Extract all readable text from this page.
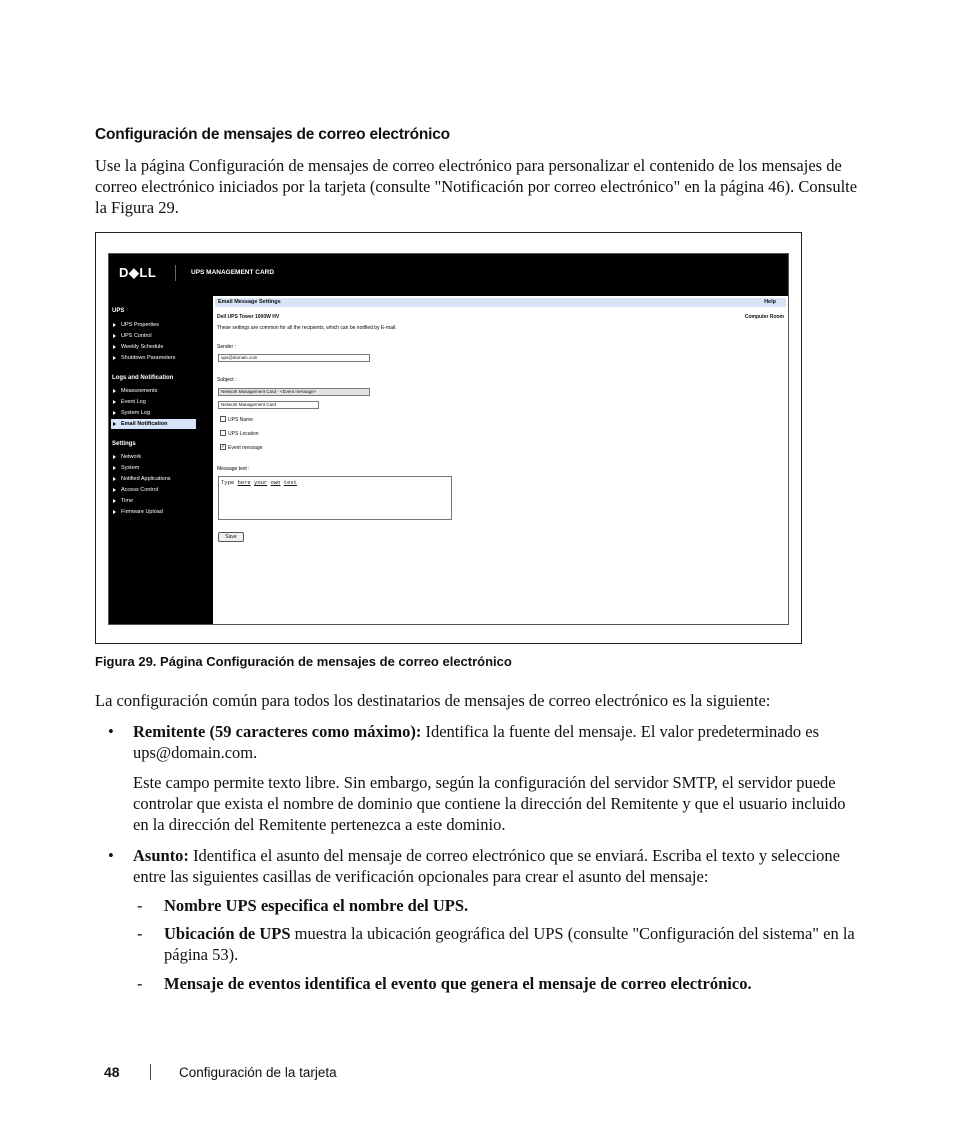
Configuración de mensajes de correo electrónico

Use la página Configuración de mensajes de correo electrónico para personalizar el contenido de los mensajes de correo electrónico iniciados por la tarjeta (consulte "Notificación por correo electrónico" en la página 46). Consulte la Figura 29.

D◆LL	UPS MANAGEMENT CARD
UPS
UPS Properties
UPS Control
Weekly Schedule
Shutdown Parameters
Logs and Notification
Measurements
Event Log
System Log
Email Notification
Settings
Network
System
Notified Applications
Access Control
Time
Firmware Upload
Email Message Settings	Help
Dell UPS Tower 1000W HV	Computer Room
These settings are common for all the recipients, which can be notified by E-mail.
Sender :
ups@domain.com
Subject :
Network Management Card - <Event message>
Network Management Card
UPS Name
UPS Location
✓ Event message
Message text :
Type here your own text
Save
Figura 29. Página Configuración de mensajes de correo electrónico

La configuración común para todos los destinatarios de mensajes de correo electrónico es la siguiente:

• Remitente (59 caracteres como máximo): Identifica la fuente del mensaje. El valor predeterminado es ups@domain.com.

Este campo permite texto libre. Sin embargo, según la configuración del servidor SMTP, el servidor puede controlar que exista el nombre de dominio que contiene la dirección del Remitente y que el usuario incluido en la dirección del Remitente pertenezca a este dominio.

• Asunto: Identifica el asunto del mensaje de correo electrónico que se enviará. Escriba el texto y seleccione entre las siguientes casillas de verificación opcionales para crear el asunto del mensaje:

- Nombre UPS especifica el nombre del UPS.

- Ubicación de UPS muestra la ubicación geográfica del UPS (consulte "Configuración del sistema" en la página 53).

- Mensaje de eventos identifica el evento que genera el mensaje de correo electrónico.

48	Configuración de la tarjeta
